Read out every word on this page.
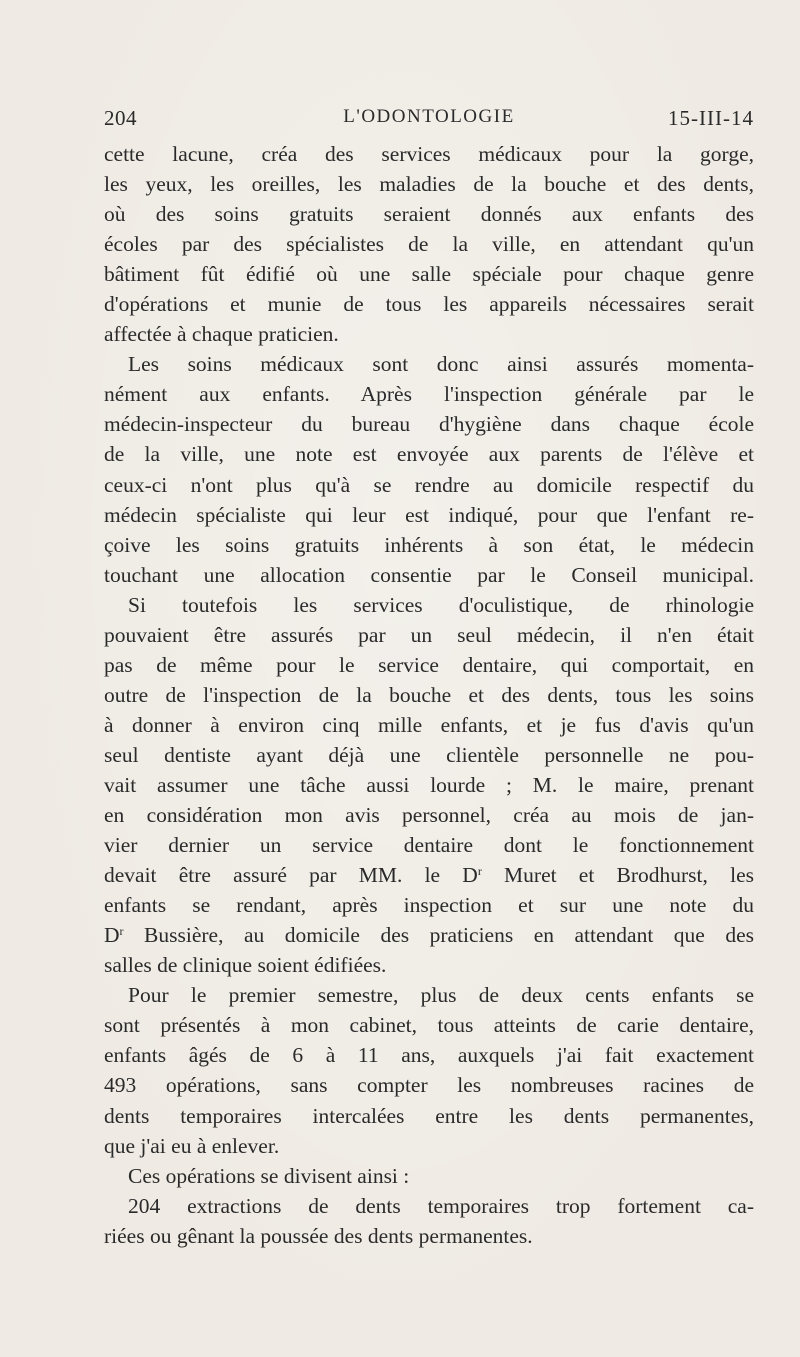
204	L'ODONTOLOGIE	15-III-14
cette lacune, créa des services médicaux pour la gorge,
les yeux, les oreilles, les maladies de la bouche et des dents,
où des soins gratuits seraient donnés aux enfants des
écoles par des spécialistes de la ville, en attendant qu'un
bâtiment fût édifié où une salle spéciale pour chaque genre
d'opérations et munie de tous les appareils nécessaires serait
affectée à chaque praticien.
Les soins médicaux sont donc ainsi assurés momenta-
nément aux enfants. Après l'inspection générale par le
médecin-inspecteur du bureau d'hygiène dans chaque école
de la ville, une note est envoyée aux parents de l'élève et
ceux-ci n'ont plus qu'à se rendre au domicile respectif du
médecin spécialiste qui leur est indiqué, pour que l'enfant re-
çoive les soins gratuits inhérents à son état, le médecin
touchant une allocation consentie par le Conseil municipal.
Si toutefois les services d'oculistique, de rhinologie
pouvaient être assurés par un seul médecin, il n'en était
pas de même pour le service dentaire, qui comportait, en
outre de l'inspection de la bouche et des dents, tous les soins
à donner à environ cinq mille enfants, et je fus d'avis qu'un
seul dentiste ayant déjà une clientèle personnelle ne pou-
vait assumer une tâche aussi lourde ; M. le maire, prenant
en considération mon avis personnel, créa au mois de jan-
vier dernier un service dentaire dont le fonctionnement
devait être assuré par MM. le $D^r$ Muret et Brodhurst, les
enfants se rendant, après inspection et sur une note du
$D^r$ Bussière, au domicile des praticiens en attendant que des
salles de clinique soient édifiées.
Pour le premier semestre, plus de deux cents enfants se
sont présentés à mon cabinet, tous atteints de carie dentaire,
enfants âgés de 6 à 11 ans, auxquels j'ai fait exactement
493 opérations, sans compter les nombreuses racines de
dents temporaires intercalées entre les dents permanentes,
que j'ai eu à enlever.
Ces opérations se divisent ainsi :
204 extractions de dents temporaires trop fortement ca-
riées ou gênant la poussée des dents permanentes.
